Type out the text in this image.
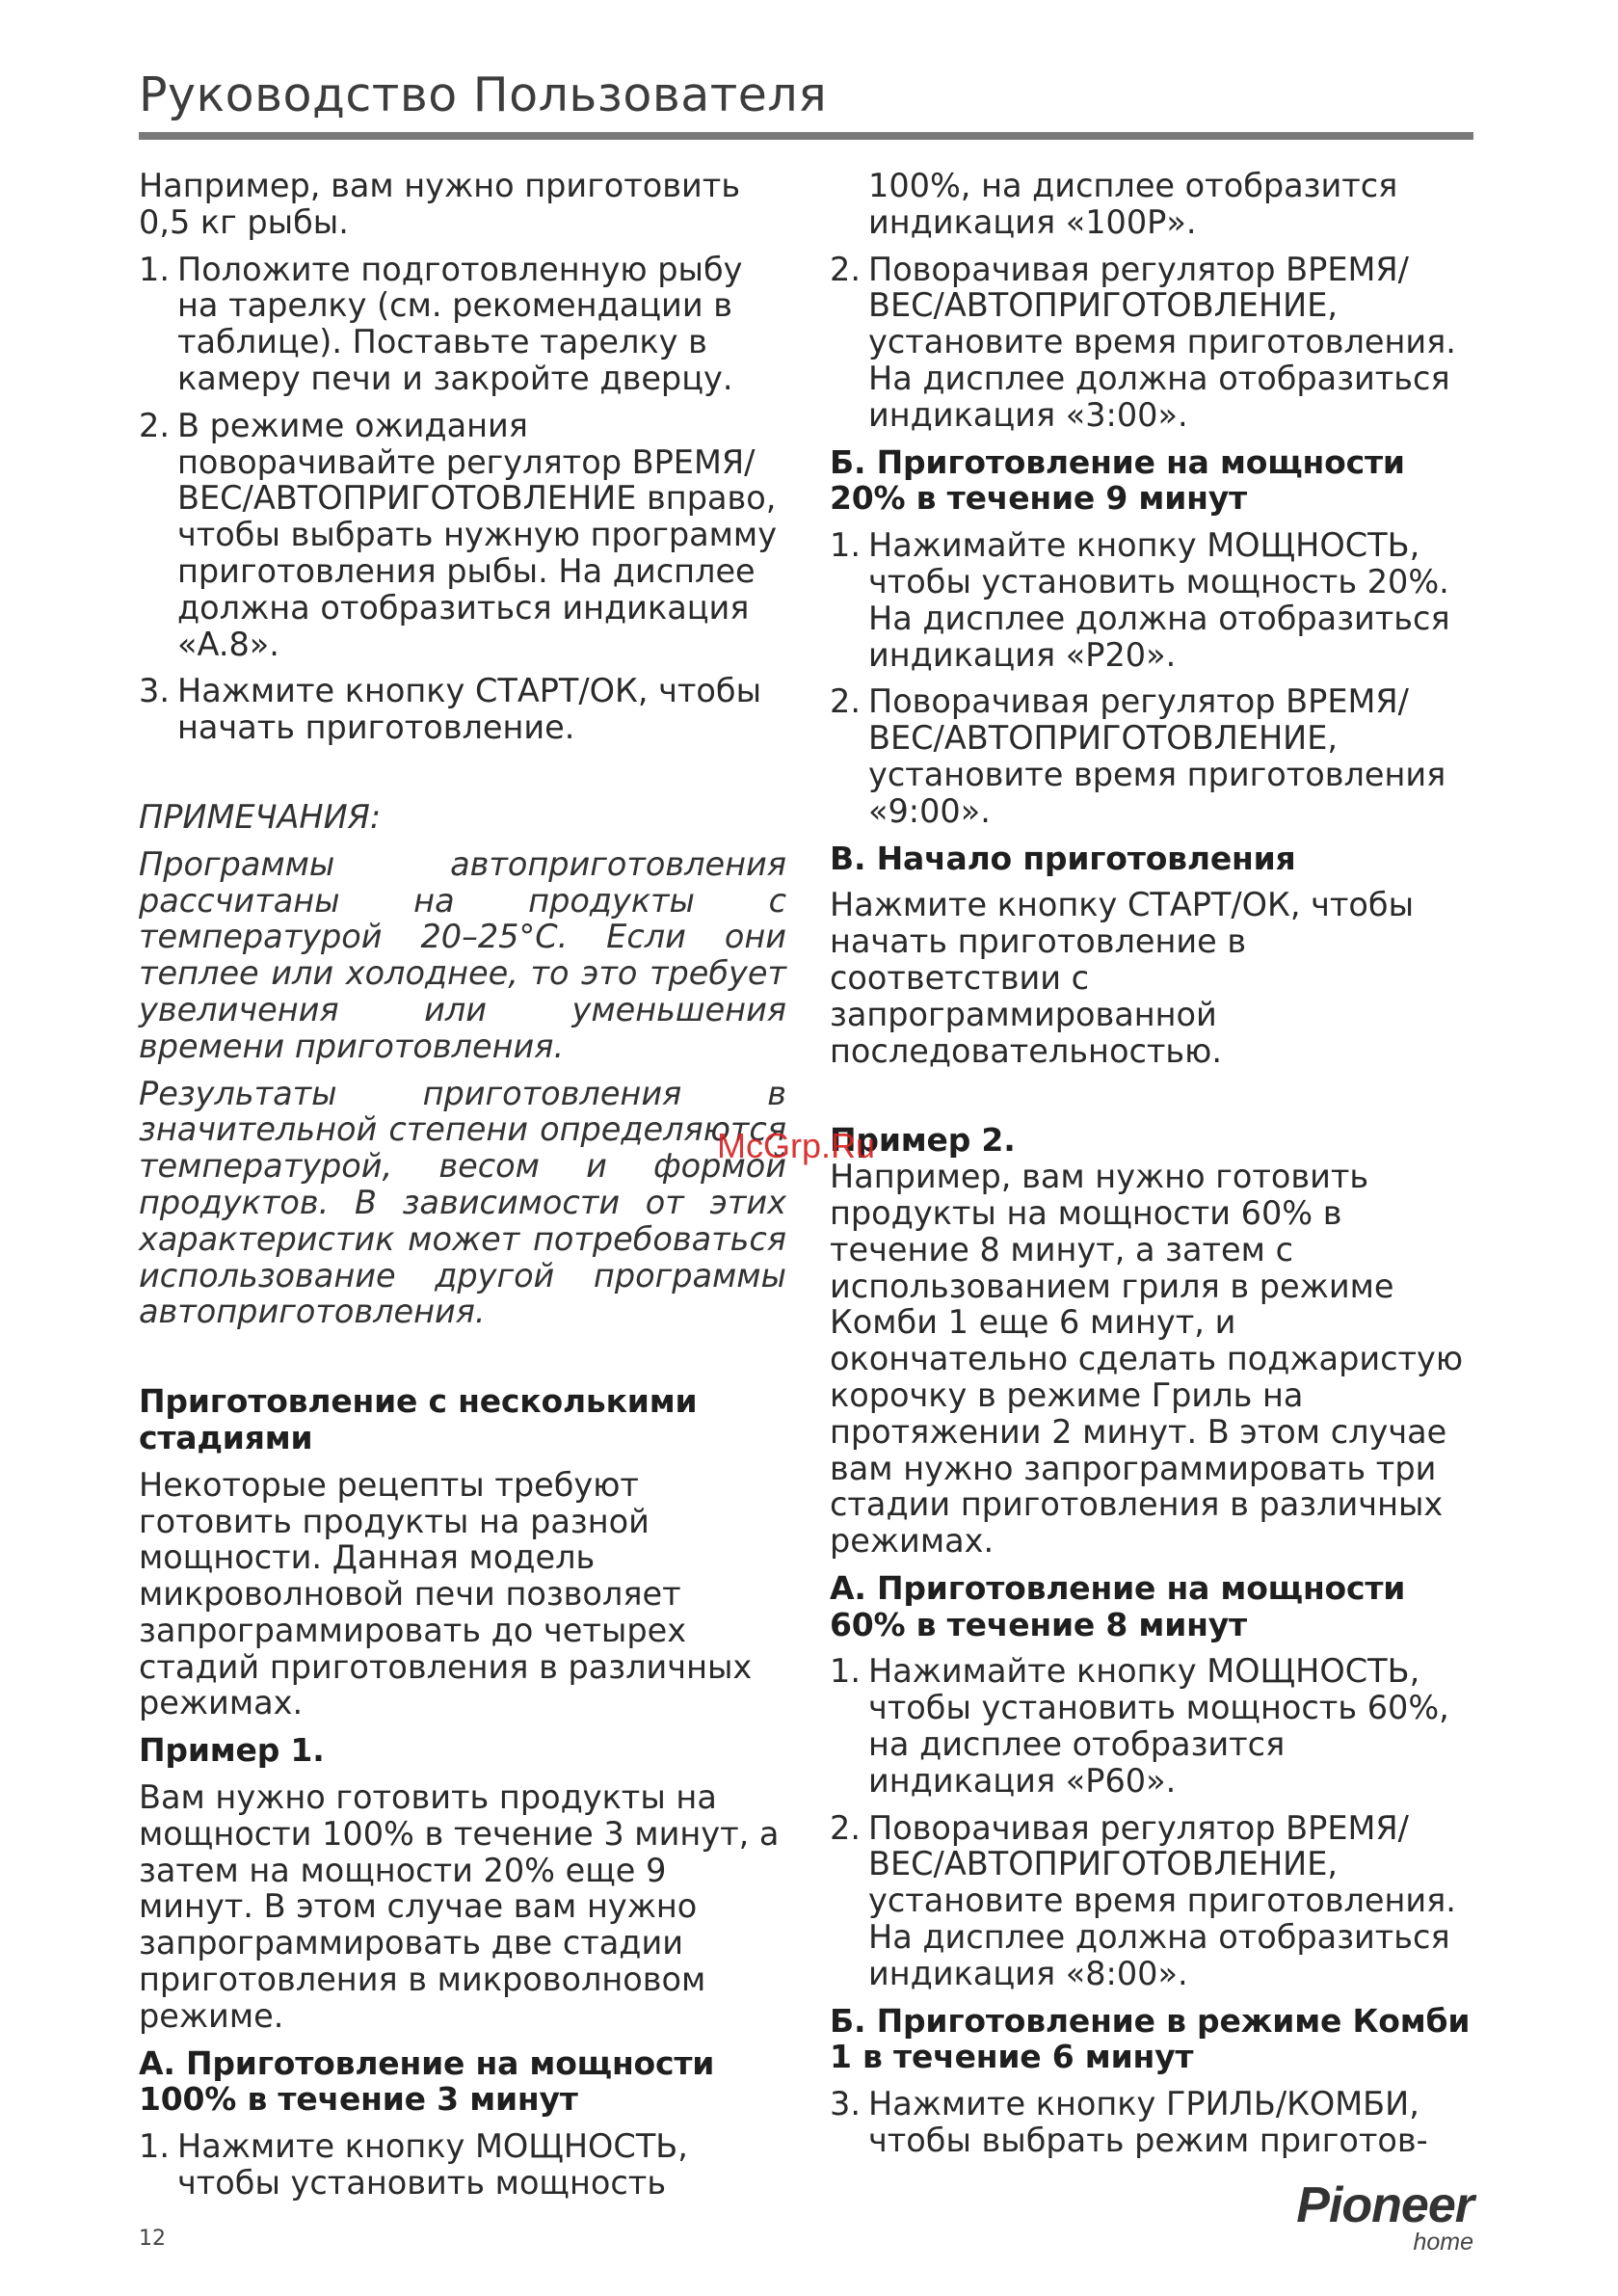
Руководство Пользователя

Например, вам нужно приготовить 0,5 кг рыбы.

1. Положите подготовленную рыбу на тарелку (см. рекомендации в таблице). Поставьте тарелку в камеру печи и закройте дверцу.
2. В режиме ожидания поворачивайте регулятор ВРЕМЯ/ВЕС/АВТОПРИГОТОВЛЕНИЕ вправо, чтобы выбрать нужную программу приготовления рыбы. На дисплее должна отобразиться индикация «A.8».
3. Нажмите кнопку СТАРТ/ОК, чтобы начать приготовление.

ПРИМЕЧАНИЯ:

Программы автоприготовления рассчитаны на продукты с температурой 20–25°С. Если они теплее или холоднее, то это требует увеличения или уменьшения времени приготовления.

Результаты приготовления в значительной степени определяются температурой, весом и формой продуктов. В зависимости от этих характеристик может потребоваться использование другой программы автоприготовления.

Приготовление с несколькими стадиями

Некоторые рецепты требуют готовить продукты на разной мощности. Данная модель микроволновой печи позволяет запрограммировать до четырех стадий приготовления в различных режимах.

Пример 1.

Вам нужно готовить продукты на мощности 100% в течение 3 минут, а затем на мощности 20% еще 9 минут. В этом случае вам нужно запрограммировать две стадии приготовления в микроволновом режиме.

А. Приготовление на мощности 100% в течение 3 минут

1. Нажмите кнопку МОЩНОСТЬ, чтобы установить мощность

100%, на дисплее отобразится индикация «100Р».

2. Поворачивая регулятор ВРЕМЯ/ВЕС/АВТОПРИГОТОВЛЕНИЕ, установите время приготовления. На дисплее должна отобразиться индикация «3:00».

Б. Приготовление на мощности 20% в течение 9 минут

1. Нажимайте кнопку МОЩНОСТЬ, чтобы установить мощность 20%. На дисплее должна отобразиться индикация «Р20».
2. Поворачивая регулятор ВРЕМЯ/ВЕС/АВТОПРИГОТОВЛЕНИЕ, установите время приготовления «9:00».

В. Начало приготовления

Нажмите кнопку СТАРТ/ОК, чтобы начать приготовление в соответствии с запрограммированной последовательностью.

Пример 2.

Например, вам нужно готовить продукты на мощности 60% в течение 8 минут, а затем с использованием гриля в режиме Комби 1 еще 6 минут, и окончательно сделать поджаристую корочку в режиме Гриль на протяжении 2 минут. В этом случае вам нужно запрограммировать три стадии приготовления в различных режимах.

А. Приготовление на мощности 60% в течение 8 минут

1. Нажимайте кнопку МОЩНОСТЬ, чтобы установить мощность 60%, на дисплее отобразится индикация «Р60».
2. Поворачивая регулятор ВРЕМЯ/ВЕС/АВТОПРИГОТОВЛЕНИЕ, установите время приготовления. На дисплее должна отобразиться индикация «8:00».

Б. Приготовление в режиме Комби 1 в течение 6 минут

3. Нажмите кнопку ГРИЛЬ/КОМБИ, чтобы выбрать режим приготов-
McGrp.Ru
12
Pioneer
home
